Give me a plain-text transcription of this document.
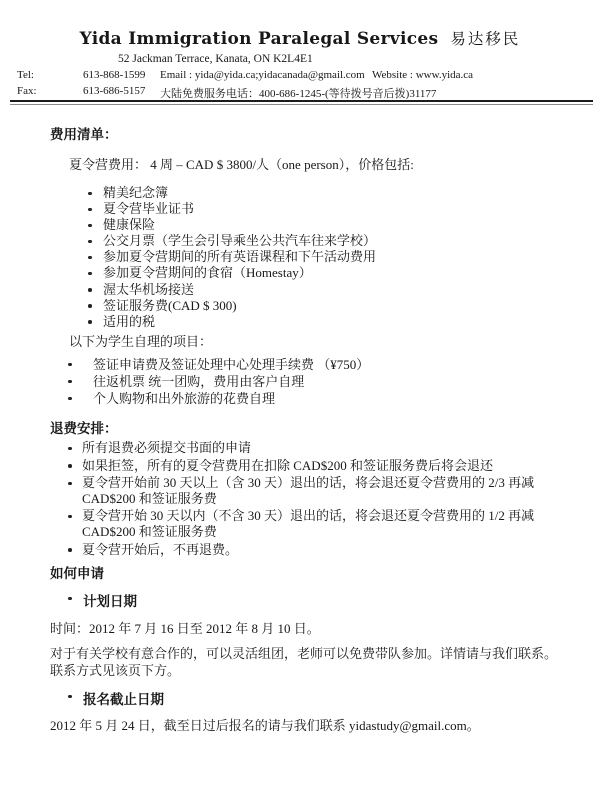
Yida Immigration Paralegal Services 易达移民
52 Jackman Terrace, Kanata, ON K2L4E1
Tel:	613-868-1599 Email : yida@yida.ca;yidacanada@gmail.com Website : www.yida.ca
Fax:	613-686-5157 大陆免费服务电话：400-686-1245-(等待拨号音后拨)31177
费用清单：
夏令营费用： 4 周 – CAD $ 3800/人（one person），价格包括:
精美纪念簿
夏令营毕业证书
健康保险
公交月票（学生会引导乘坐公共汽车往来学校）
参加夏令营期间的所有英语课程和下午活动费用
参加夏令营期间的食宿（Homestay）
渥太华机场接送
签证服务费(CAD $ 300)
适用的税
以下为学生自理的项目：
签证申请费及签证处理中心处理手续费 （¥750）
往返机票 统一团购，费用由客户自理
个人购物和出外旅游的花费自理
退费安排：
所有退费必须提交书面的申请
如果拒签，所有的夏令营费用在扣除 CAD$200 和签证服务费后将会退还
夏令营开始前 30 天以上（含 30 天）退出的话，将会退还夏令营费用的 2/3 再减 CAD$200 和签证服务费
夏令营开始 30 天以内（不含 30 天）退出的话，将会退还夏令营费用的 1/2 再减 CAD$200 和签证服务费
夏令营开始后，不再退费。
如何申请
计划日期
时间：2012 年 7 月 16 日至 2012 年 8 月 10 日。
对于有关学校有意合作的，可以灵活组团，老师可以免费带队参加。详情请与我们联系。联系方式见该页下方。
报名截止日期
2012 年 5 月 24 日，截至日过后报名的请与我们联系 yidastudy@gmail.com。
